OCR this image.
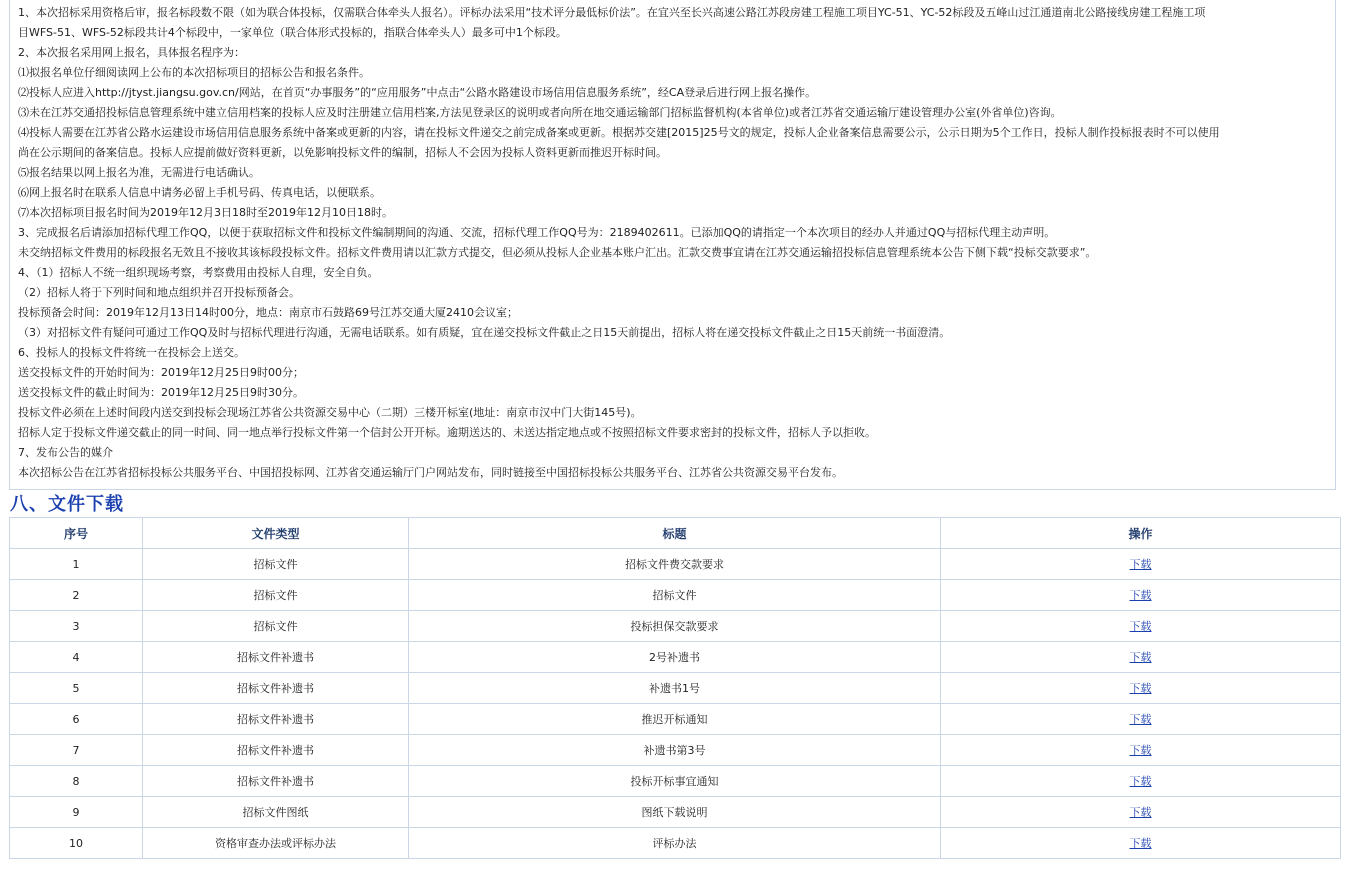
1、本次招标采用资格后审，报名标段数不限（如为联合体投标，仅需联合体牵头人报名）。评标办法采用“技术评分最低标价法”。在宜兴至长兴高速公路江苏段房建工程施工项目YC-51、YC-52标段及五峰山过江通道南北公路接线房建工程施工项
目WFS-51、WFS-52标段共计4个标段中，一家单位（联合体形式投标的，指联合体牵头人）最多可中1个标段。
2、本次报名采用网上报名，具体报名程序为：
⑴拟报名单位仔细阅读网上公布的本次招标项目的招标公告和报名条件。
⑵投标人应进入http://jtyst.jiangsu.gov.cn/网站，在首页“办事服务”的“应用服务”中点击“公路水路建设市场信用信息服务系统”，经CA登录后进行网上报名操作。
⑶未在江苏交通招投标信息管理系统中建立信用档案的投标人应及时注册建立信用档案,方法见登录区的说明或者向所在地交通运输部门招标监督机构(本省单位)或者江苏省交通运输厅建设管理办公室(外省单位)咨询。
⑷投标人需要在江苏省公路水运建设市场信用信息服务系统中备案或更新的内容，请在投标文件递交之前完成备案或更新。根据苏交建[2015]25号文的规定，投标人企业备案信息需要公示，公示日期为5个工作日，投标人制作投标报表时不可以使用
尚在公示期间的备案信息。投标人应提前做好资料更新，以免影响投标文件的编制，招标人不会因为投标人资料更新而推迟开标时间。
⑸报名结果以网上报名为准，无需进行电话确认。
⑹网上报名时在联系人信息中请务必留上手机号码、传真电话，以便联系。
⑺本次招标项目报名时间为2019年12月3日18时至2019年12月10日18时。
3、完成报名后请添加招标代理工作QQ，以便于获取招标文件和投标文件编制期间的沟通、交流，招标代理工作QQ号为：2189402611。已添加QQ的请指定一个本次项目的经办人并通过QQ与招标代理主动声明。
未交纳招标文件费用的标段报名无效且不接收其该标段投标文件。招标文件费用请以汇款方式提交，但必须从投标人企业基本账户汇出。汇款交费事宜请在江苏交通运输招投标信息管理系统本公告下侧下载“投标交款要求”。
4、（1）招标人不统一组织现场考察，考察费用由投标人自理，安全自负。
（2）招标人将于下列时间和地点组织并召开投标预备会。
投标预备会时间：2019年12月13日14时00分，地点：南京市石鼓路69号江苏交通大厦2410会议室；
（3）对招标文件有疑问可通过工作QQ及时与招标代理进行沟通，无需电话联系。如有质疑，宜在递交投标文件截止之日15天前提出，招标人将在递交投标文件截止之日15天前统一书面澄清。
6、投标人的投标文件将统一在投标会上送交。
送交投标文件的开始时间为：2019年12月25日9时00分；
送交投标文件的截止时间为：2019年12月25日9时30分。
投标文件必须在上述时间段内送交到投标会现场江苏省公共资源交易中心（二期）三楼开标室(地址：南京市汉中门大街145号)。
招标人定于投标文件递交截止的同一时间、同一地点举行投标文件第一个信封公开开标。逾期送达的、未送达指定地点或不按照招标文件要求密封的投标文件，招标人予以拒收。
7、发布公告的媒介
本次招标公告在江苏省招标投标公共服务平台、中国招投标网、江苏省交通运输厅门户网站发布，同时链接至中国招标投标公共服务平台、江苏省公共资源交易平台发布。
八、文件下载
序号	文件类型	标题	操作
1	招标文件	招标文件费交款要求	下载
2	招标文件	招标文件	下载
3	招标文件	投标担保交款要求	下载
4	招标文件补遗书	2号补遗书	下载
5	招标文件补遗书	补遗书1号	下载
6	招标文件补遗书	推迟开标通知	下载
7	招标文件补遗书	补遗书第3号	下载
8	招标文件补遗书	投标开标事宜通知	下载
9	招标文件图纸	图纸下载说明	下载
10	资格审查办法或评标办法	评标办法	下载
